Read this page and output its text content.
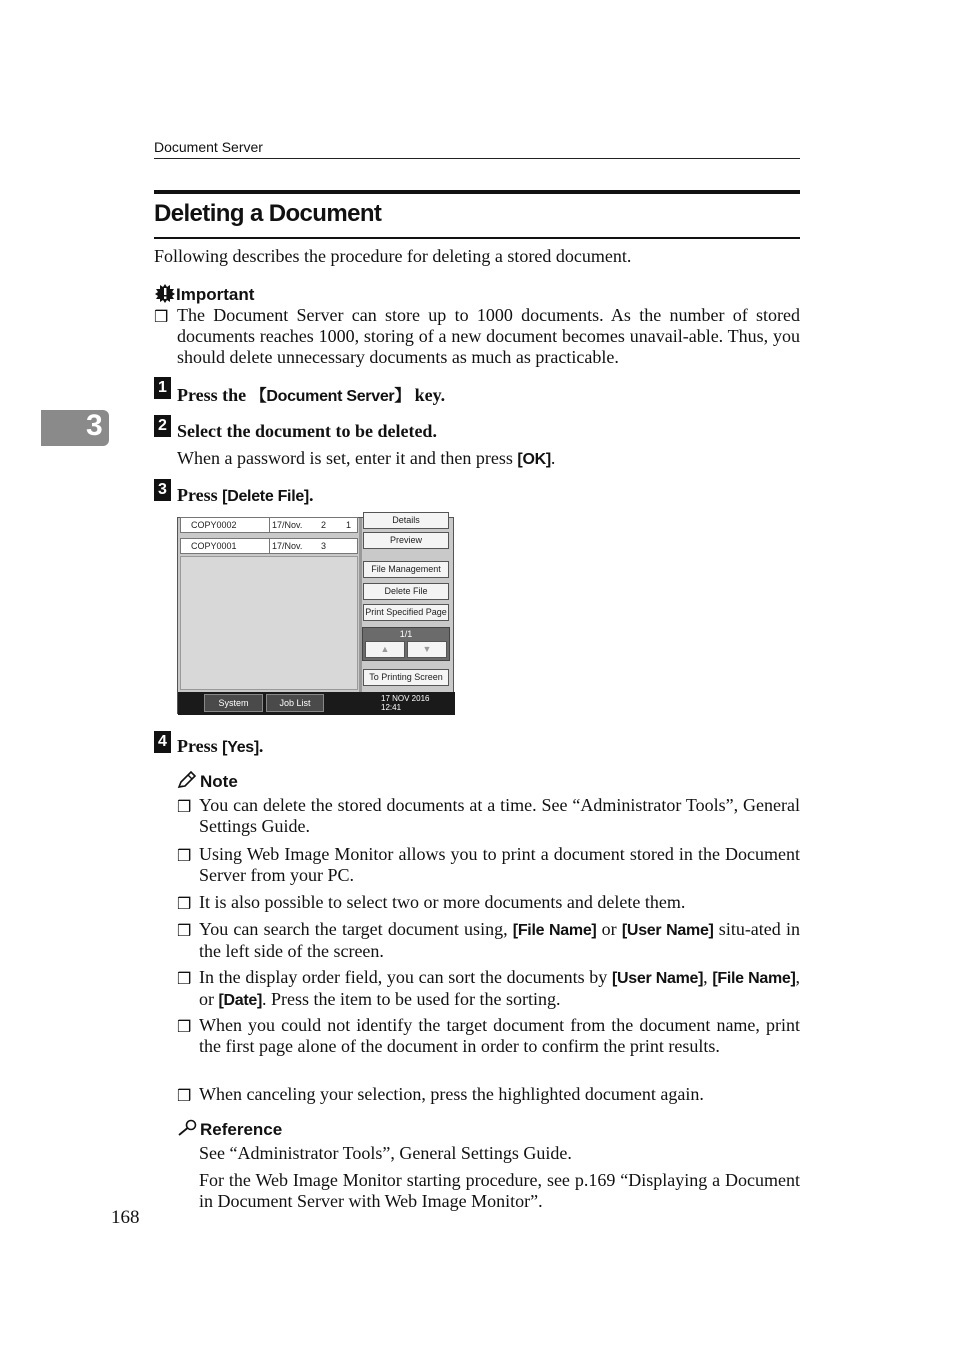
Document Server
3
Deleting a Document
Following describes the procedure for deleting a stored document.
Important
❒ The Document Server can store up to 1000 documents. As the number of stored documents reaches 1000, storing of a new document becomes unavail-able. Thus, you should delete unnecessary documents as much as practicable.
1 Press the 【Document Server】 key.
2 Select the document to be deleted.
When a password is set, enter it and then press [OK].
3 Press [Delete File].
COPY0002	17/Nov. 2 1
COPY0001	17/Nov. 3
Details
Preview
File Management
Delete File
Print Specified Page
1/1
▲	▼
To Printing Screen
System Status
Job List	17 NOV 2016
12:41
4 Press [Yes].
Note
❒ You can delete the stored documents at a time. See “Administrator Tools”, General Settings Guide.
❒ Using Web Image Monitor allows you to print a document stored in the Document Server from your PC.
❒ It is also possible to select two or more documents and delete them.
❒ You can search the target document using, [File Name] or [User Name] situ-ated in the left side of the screen.
❒ In the display order field, you can sort the documents by [User Name], [File Name], or [Date]. Press the item to be used for the sorting.
❒ When you could not identify the target document from the document name, print the first page alone of the document in order to confirm the print results.
❒ When canceling your selection, press the highlighted document again.
Reference
See “Administrator Tools”, General Settings Guide.
For the Web Image Monitor starting procedure, see p.169 “Displaying a Document in Document Server with Web Image Monitor”.
168
